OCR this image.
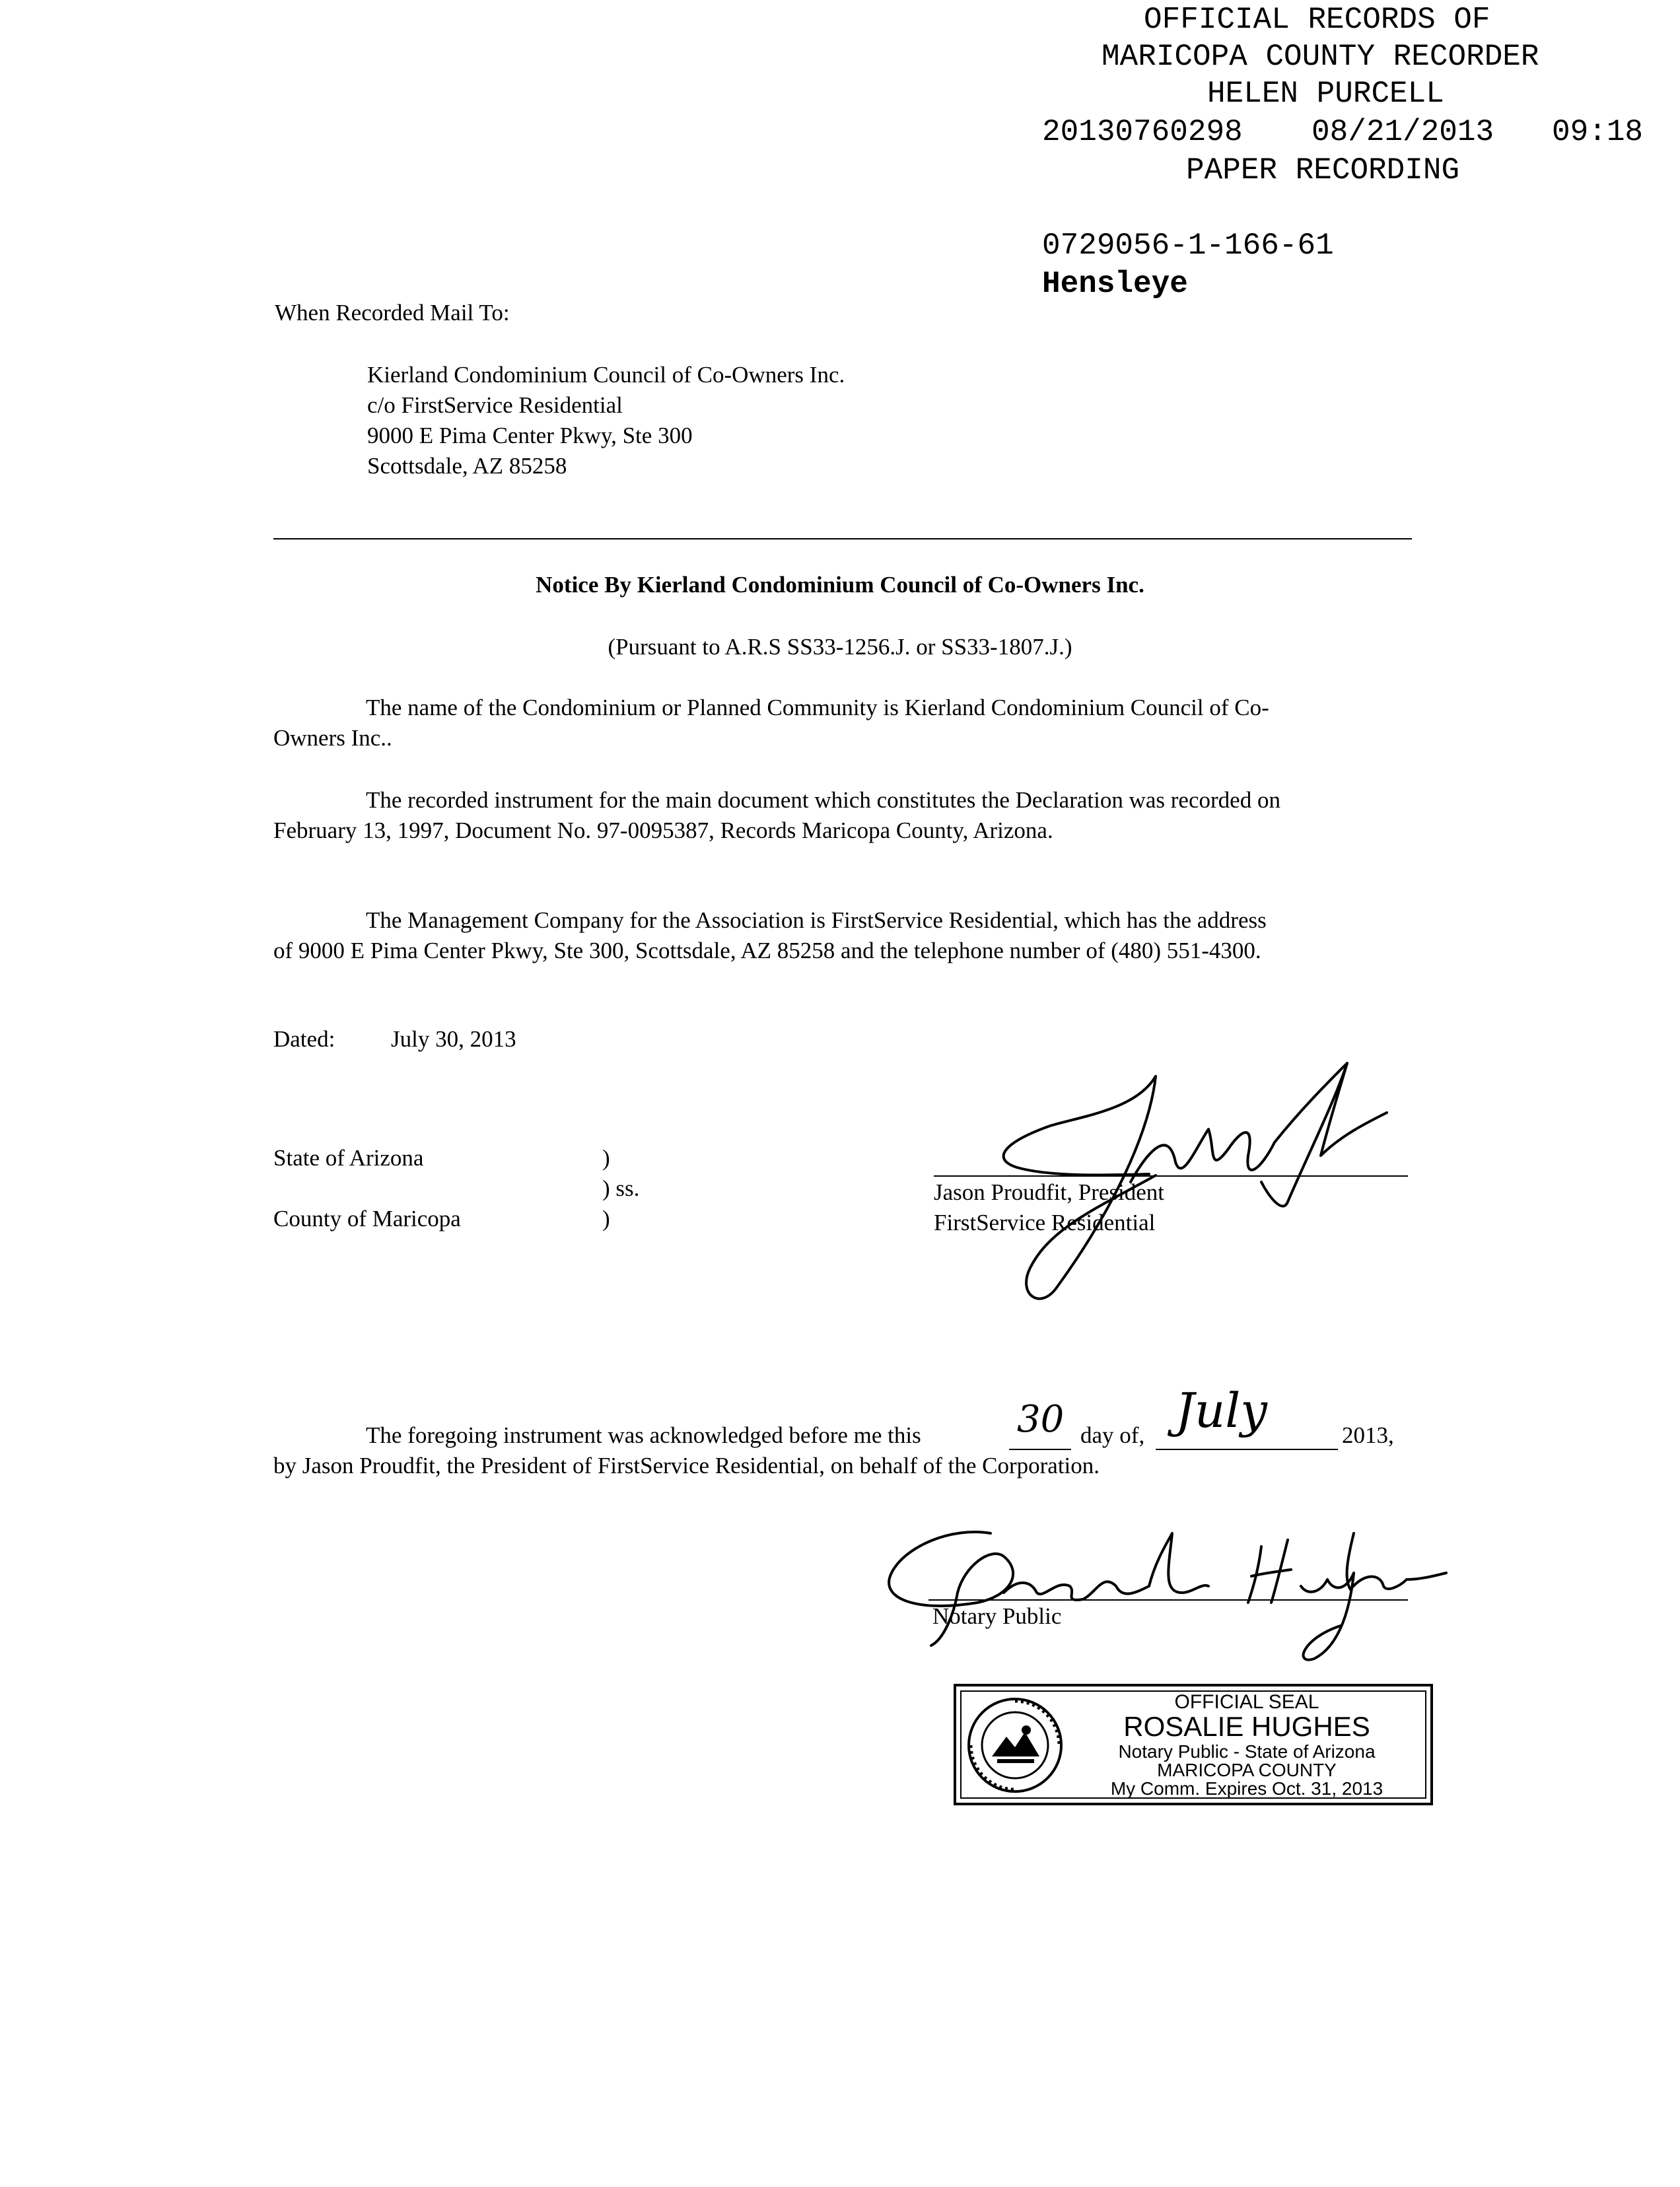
OFFICIAL RECORDS OF
MARICOPA COUNTY RECORDER
HELEN PURCELL
20130760298 08/21/2013 09:18
PAPER RECORDING
0729056-1-166-61
Hensleye
When Recorded Mail To:
Kierland Condominium Council of Co-Owners Inc.
c/o FirstService Residential
9000 E Pima Center Pkwy, Ste 300
Scottsdale, AZ 85258
Notice By Kierland Condominium Council of Co-Owners Inc.
(Pursuant to A.R.S SS33-1256.J. or SS33-1807.J.)
The name of the Condominium or Planned Community is Kierland Condominium Council of Co-
Owners Inc..
The recorded instrument for the main document which constitutes the Declaration was recorded on
February 13, 1997, Document No. 97-0095387, Records Maricopa County, Arizona.
The Management Company for the Association is FirstService Residential, which has the address
of 9000 E Pima Center Pkwy, Ste 300, Scottsdale, AZ 85258 and the telephone number of (480) 551-4300.
Dated: July 30, 2013
State of Arizona	)
) ss.
County of Maricopa	)
Jason Proudfit, President
FirstService Residential
The foregoing instrument was acknowledged before me this	30 day of, July	2013,
by Jason Proudfit, the President of FirstService Residential, on behalf of the Corporation.
Notary Public
OFFICIAL SEAL
ROSALIE HUGHES
Notary Public - State of Arizona
MARICOPA COUNTY
My Comm. Expires Oct. 31, 2013
